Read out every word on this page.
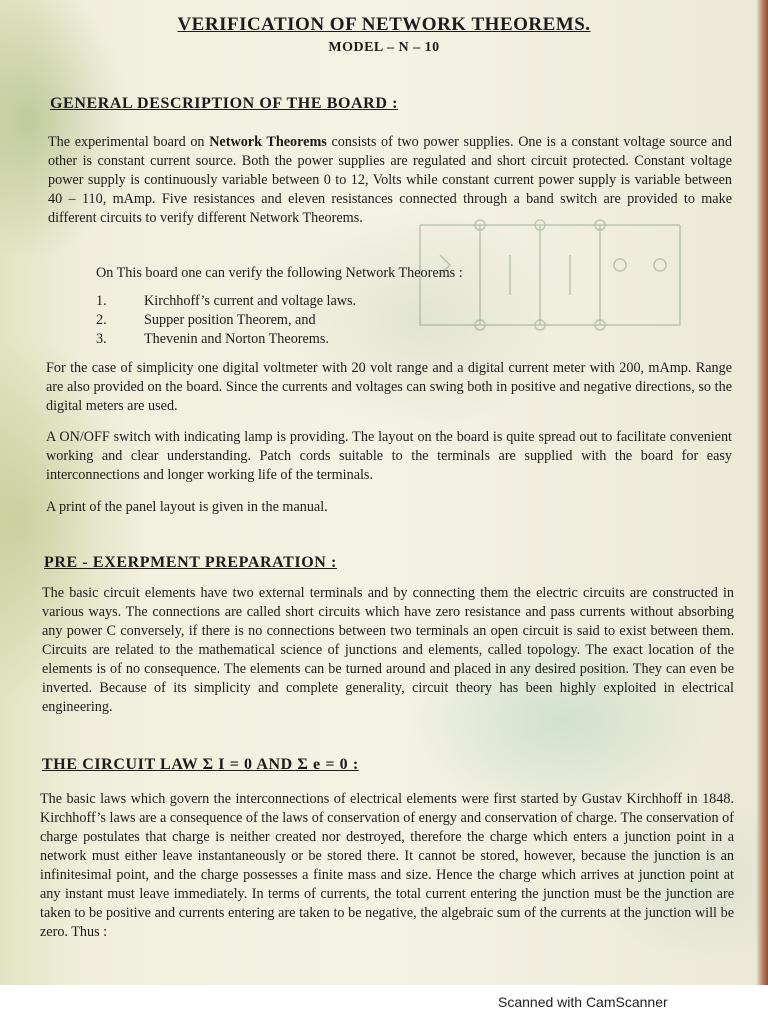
VERIFICATION OF NETWORK THEOREMS.
MODEL – N – 10
GENERAL DESCRIPTION OF THE BOARD :
The experimental board on Network Theorems consists of two power supplies. One is a constant voltage source and other is constant current source. Both the power supplies are regulated and short circuit protected. Constant voltage power supply is continuously variable between 0 to 12, Volts while constant current power supply is variable between 40 – 110, mAmp. Five resistances and eleven resistances connected through a band switch are provided to make different circuits to verify different Network Theorems.
On This board one can verify the following Network Theorems :
1.	Kirchhoff’s current and voltage laws.
2.	Supper position Theorem, and
3.	Thevenin and Norton Theorems.
For the case of simplicity one digital voltmeter with 20 volt range and a digital current meter with 200, mAmp. Range are also provided on the board. Since the currents and voltages can swing both in positive and negative directions, so the digital meters are used.
A ON/OFF switch with indicating lamp is providing. The layout on the board is quite spread out to facilitate convenient working and clear understanding. Patch cords suitable to the terminals are supplied with the board for easy interconnections and longer working life of the terminals.
A print of the panel layout is given in the manual.
PRE - EXERPMENT PREPARATION :
The basic circuit elements have two external terminals and by connecting them the electric circuits are constructed in various ways. The connections are called short circuits which have zero resistance and pass currents without absorbing any power C conversely, if there is no connections between two terminals an open circuit is said to exist between them. Circuits are related to the mathematical science of junctions and elements, called topology. The exact location of the elements is of no consequence. The elements can be turned around and placed in any desired position. They can even be inverted. Because of its simplicity and complete generality, circuit theory has been highly exploited in electrical engineering.
THE CIRCUIT LAW Σ I = 0 AND Σ e = 0 :
The basic laws which govern the interconnections of electrical elements were first started by Gustav Kirchhoff in 1848. Kirchhoff’s laws are a consequence of the laws of conservation of energy and conservation of charge. The conservation of charge postulates that charge is neither created nor destroyed, therefore the charge which enters a junction point in a network must either leave instantaneously or be stored there. It cannot be stored, however, because the junction is an infinitesimal point, and the charge possesses a finite mass and size. Hence the charge which arrives at junction point at any instant must leave immediately. In terms of currents, the total current entering the junction must be the junction are taken to be positive and currents entering are taken to be negative, the algebraic sum of the currents at the junction will be zero. Thus :
Scanned with CamScanner
